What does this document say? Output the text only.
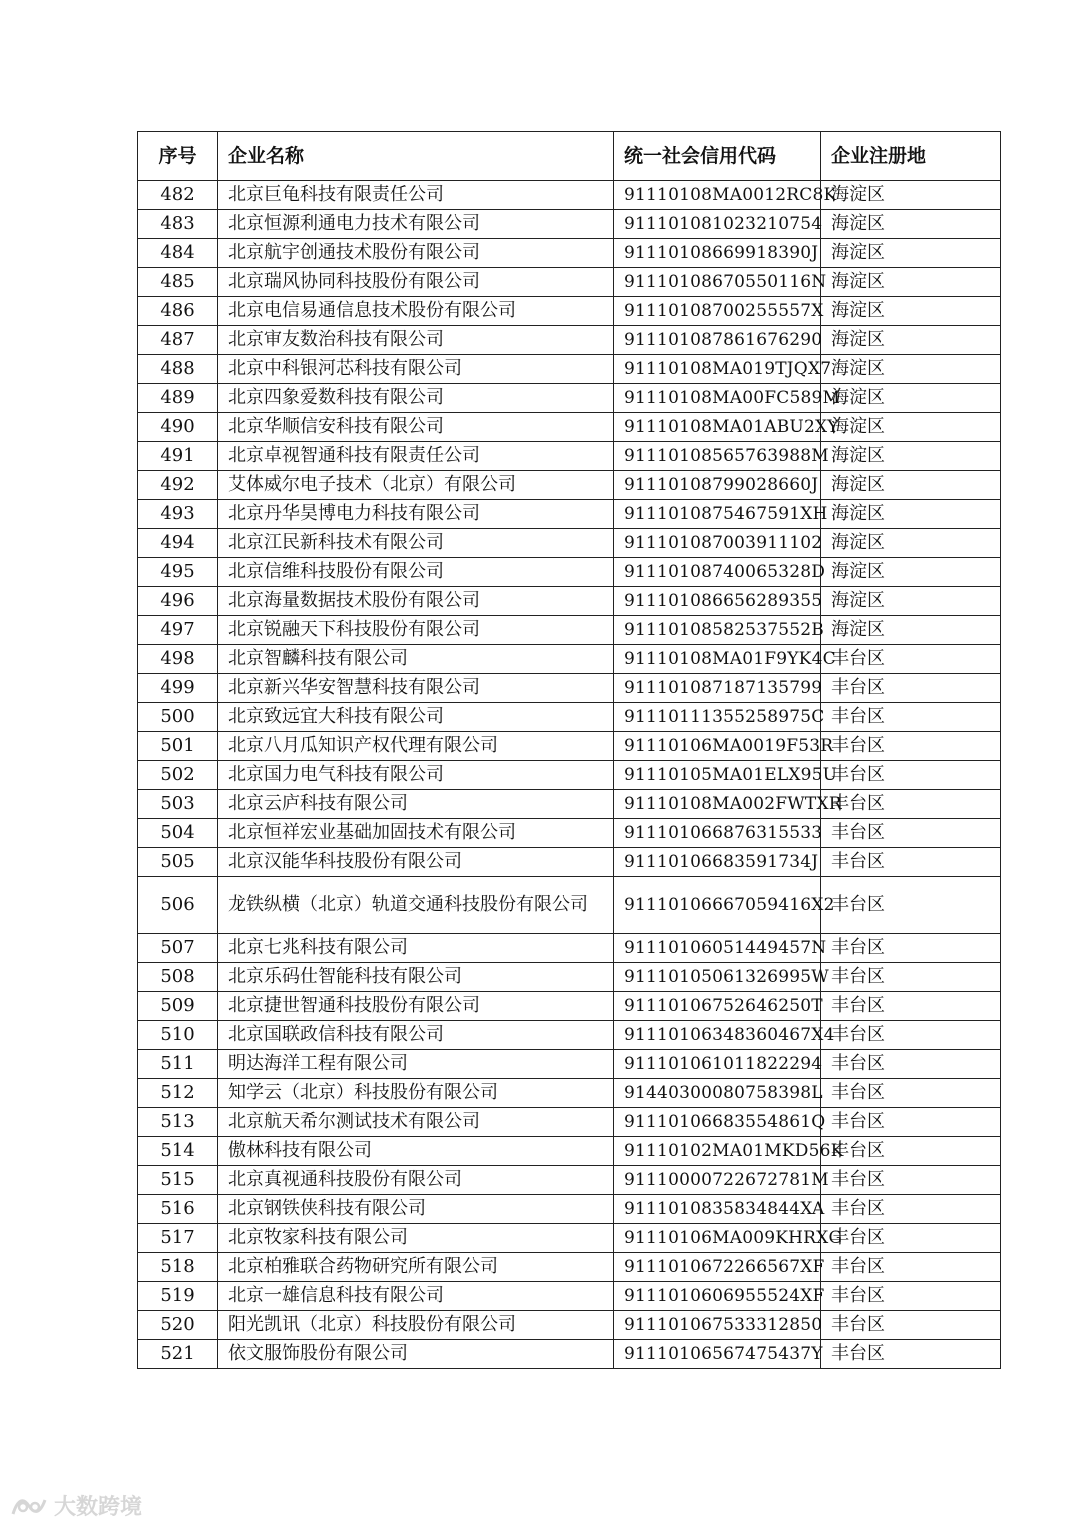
序号	企业名称	统一社会信用代码	企业注册地
482	北京巨龟科技有限责任公司	91110108MA0012RC8K	海淀区
483	北京恒源利通电力技术有限公司	911101081023210754	海淀区
484	北京航宇创通技术股份有限公司	91110108669918390J	海淀区
485	北京瑞风协同科技股份有限公司	91110108670550116N	海淀区
486	北京电信易通信息技术股份有限公司	91110108700255557X	海淀区
487	北京审友数治科技有限公司	911101087861676290	海淀区
488	北京中科银河芯科技有限公司	91110108MA019TJQX7	海淀区
489	北京四象爱数科技有限公司	91110108MA00FC589M	海淀区
490	北京华顺信安科技有限公司	91110108MA01ABU2XY	海淀区
491	北京卓视智通科技有限责任公司	91110108565763988M	海淀区
492	艾体威尔电子技术（北京）有限公司	91110108799028660J	海淀区
493	北京丹华昊博电力科技有限公司	9111010875467591XH	海淀区
494	北京江民新科技术有限公司	911101087003911102	海淀区
495	北京信维科技股份有限公司	91110108740065328D	海淀区
496	北京海量数据技术股份有限公司	911101086656289355	海淀区
497	北京锐融天下科技股份有限公司	91110108582537552B	海淀区
498	北京智麟科技有限公司	91110108MA01F9YK4C	丰台区
499	北京新兴华安智慧科技有限公司	911101087187135799	丰台区
500	北京致远宜大科技有限公司	91110111355258975C	丰台区
501	北京八月瓜知识产权代理有限公司	91110106MA0019F53R	丰台区
502	北京国力电气科技有限公司	91110105MA01ELX95U	丰台区
503	北京云庐科技有限公司	91110108MA002FWTXR	丰台区
504	北京恒祥宏业基础加固技术有限公司	911101066876315533	丰台区
505	北京汉能华科技股份有限公司	91110106683591734J	丰台区
506	龙铁纵横（北京）轨道交通科技股份有限公司	91110106667059416X2	丰台区
507	北京七兆科技有限公司	91110106051449457N	丰台区
508	北京乐码仕智能科技有限公司	91110105061326995W	丰台区
509	北京捷世智通科技股份有限公司	91110106752646250T	丰台区
510	北京国联政信科技有限公司	91110106348360467X4	丰台区
511	明达海洋工程有限公司	911101061011822294	丰台区
512	知学云（北京）科技股份有限公司	91440300080758398L	丰台区
513	北京航天希尔测试技术有限公司	91110106683554861Q	丰台区
514	傲林科技有限公司	91110102MA01MKD56K	丰台区
515	北京真视通科技股份有限公司	91110000722672781M	丰台区
516	北京钢铁侠科技有限公司	9111010835834844XA	丰台区
517	北京牧家科技有限公司	91110106MA009KHRXG	丰台区
518	北京柏雅联合药物研究所有限公司	9111010672266567XF	丰台区
519	北京一雄信息科技有限公司	9111010606955524XF	丰台区
520	阳光凯讯（北京）科技股份有限公司	911101067533312850	丰台区
521	依文服饰股份有限公司	91110106567475437Y	丰台区
大数跨境
